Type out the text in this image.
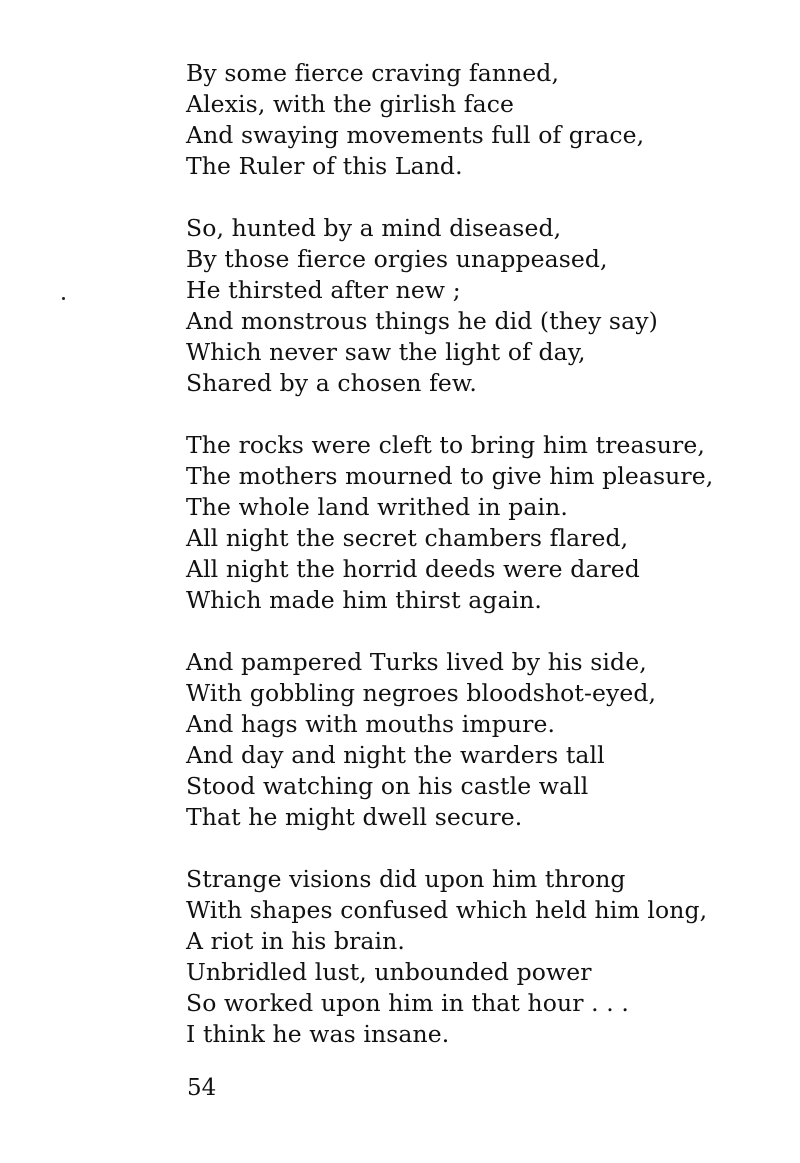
By some fierce craving fanned,
Alexis, with the girlish face
And swaying movements full of grace,
The Ruler of this Land.
So, hunted by a mind diseased,
By those fierce orgies unappeased,
He thirsted after new ;
And monstrous things he did (they say)
Which never saw the light of day,
Shared by a chosen few.
The rocks were cleft to bring him treasure,
The mothers mourned to give him pleasure,
The whole land writhed in pain.
All night the secret chambers flared,
All night the horrid deeds were dared
Which made him thirst again.
And pampered Turks lived by his side,
With gobbling negroes bloodshot-eyed,
And hags with mouths impure.
And day and night the warders tall
Stood watching on his castle wall
That he might dwell secure.
Strange visions did upon him throng
With shapes confused which held him long,
A riot in his brain.
Unbridled lust, unbounded power
So worked upon him in that hour . . .
I think he was insane.
54
